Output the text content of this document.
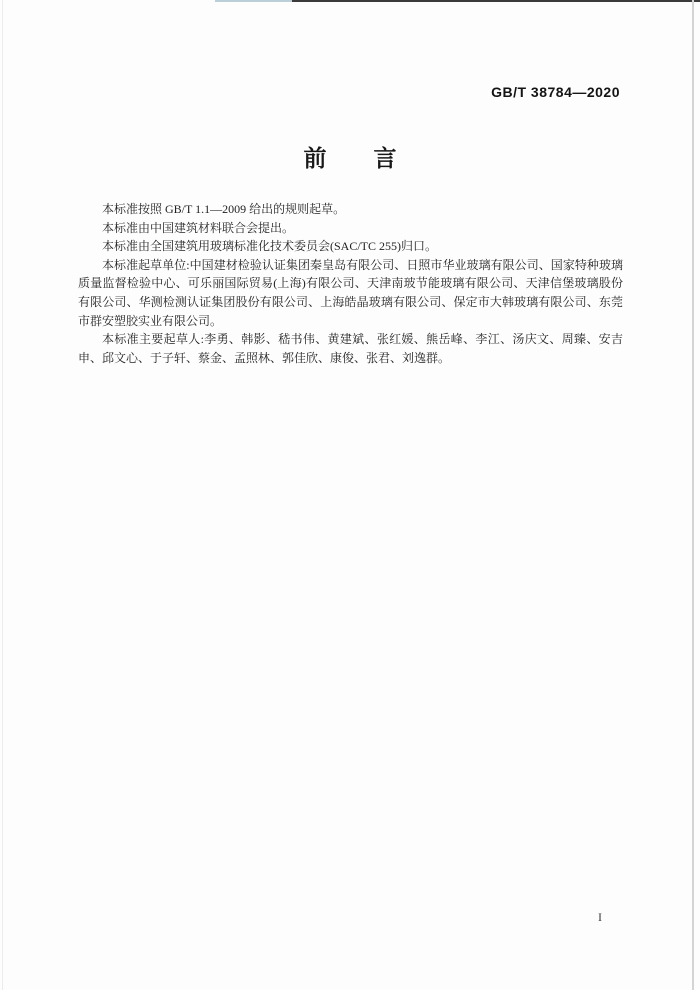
GB/T 38784—2020
前 言

本标准按照 GB/T 1.1—2009 给出的规则起草。

本标准由中国建筑材料联合会提出。

本标准由全国建筑用玻璃标准化技术委员会(SAC/TC 255)归口。

本标准起草单位:中国建材检验认证集团秦皇岛有限公司、日照市华业玻璃有限公司、国家特种玻璃质量监督检验中心、可乐丽国际贸易(上海)有限公司、天津南玻节能玻璃有限公司、天津信堡玻璃股份有限公司、华测检测认证集团股份有限公司、上海皓晶玻璃有限公司、保定市大韩玻璃有限公司、东莞市群安塑胶实业有限公司。

本标准主要起草人:李勇、韩影、嵇书伟、黄建斌、张红媛、熊岳峰、李江、汤庆文、周臻、安吉申、邱文心、于子轩、蔡金、孟照林、郭佳欣、康俊、张君、刘逸群。

I
